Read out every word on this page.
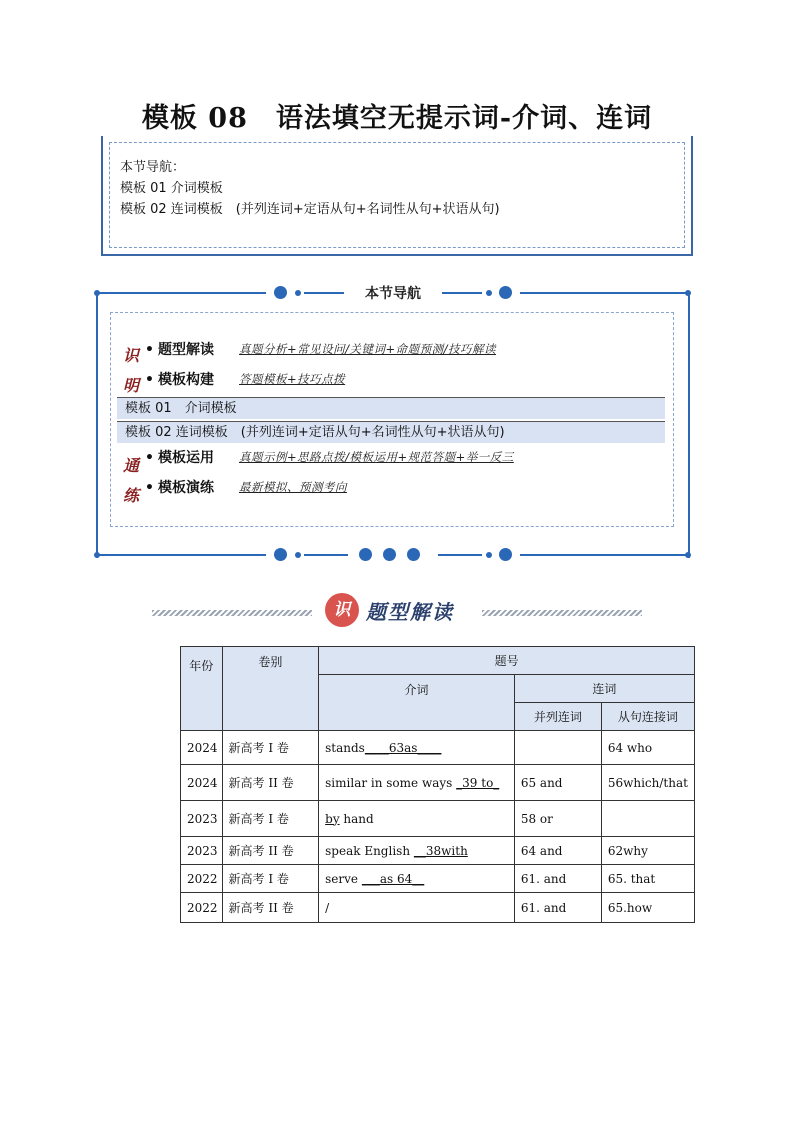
模板 08　语法填空无提示词-介词、连词
本节导航：
模板 01 介词模板
模板 02 连词模板　(并列连词+定语从句+名词性从句+状语从句)
本节导航
识
明
• 题型解读 真题分析+常见设问/关键词+命题预测/技巧解读
• 模板构建 答题模板+技巧点拨
模板 01　介词模板
模板 02 连词模板　(并列连词+定语从句+名词性从句+状语从句)
通
练
• 模板运用 真题示例+思路点拨/模板运用+规范答题+举一反三
• 模板演练 最新模拟、预测考向
识 题型解读
年份	卷别	题号		
		介词	连词	
			并列连词	从句连接词
2024	新高考 I 卷	stands____63as____		64 who
2024	新高考 II 卷	similar in some ways _39 to_	65 and	56which/that
2023	新高考 I 卷	by hand	58 or	
2023	新高考 II 卷	speak English __38with	64 and	62why
2022	新高考 I 卷	serve ___as 64__	61. and	65. that
2022	新高考 II 卷	/	61. and	65.how
